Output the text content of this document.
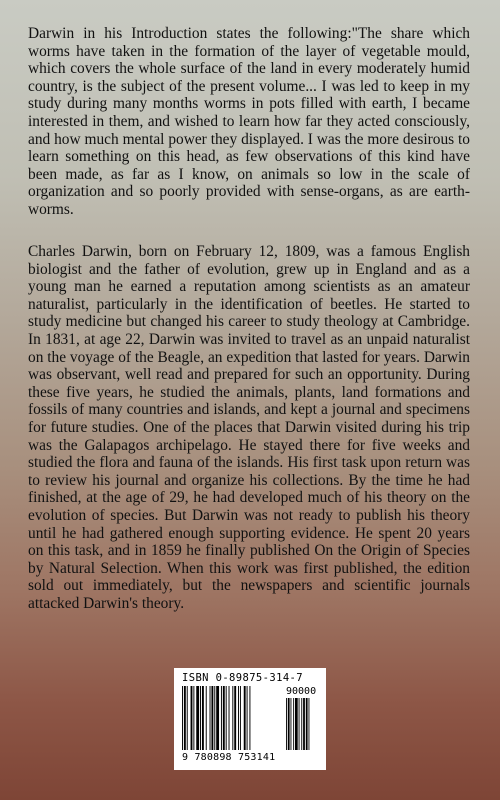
Darwin in his Introduction states the following:"The share which worms have taken in the formation of the layer of vegetable mould, which covers the whole surface of the land in every moderately humid country, is the subject of the present volume... I was led to keep in my study during many months worms in pots filled with earth, I became interested in them, and wished to learn how far they acted consciously, and how much mental power they displayed. I was the more desirous to learn something on this head, as few observations of this kind have been made, as far as I know, on animals so low in the scale of organization and so poorly provided with sense-organs, as are earth-worms.

Charles Darwin, born on February 12, 1809, was a famous English biologist and the father of evolution, grew up in England and as a young man he earned a reputation among scientists as an amateur naturalist, particularly in the identification of beetles. He started to study medicine but changed his career to study theology at Cambridge. In 1831, at age 22, Darwin was invited to travel as an unpaid naturalist on the voyage of the Beagle, an expedition that lasted for years. Darwin was observant, well read and prepared for such an opportunity. During these five years, he studied the animals, plants, land formations and fossils of many countries and islands, and kept a journal and specimens for future studies. One of the places that Darwin visited during his trip was the Galapagos archipelago. He stayed there for five weeks and studied the flora and fauna of the islands. His first task upon return was to review his journal and organize his collections. By the time he had finished, at the age of 29, he had developed much of his theory on the evolution of species. But Darwin was not ready to publish his theory until he had gathered enough supporting evidence. He spent 20 years on this task, and in 1859 he finally published On the Origin of Species by Natural Selection. When this work was first published, the edition sold out immediately, but the newspapers and scientific journals attacked Darwin's theory.

ISBN 0-89875-314-7
90000
9 780898 753141
